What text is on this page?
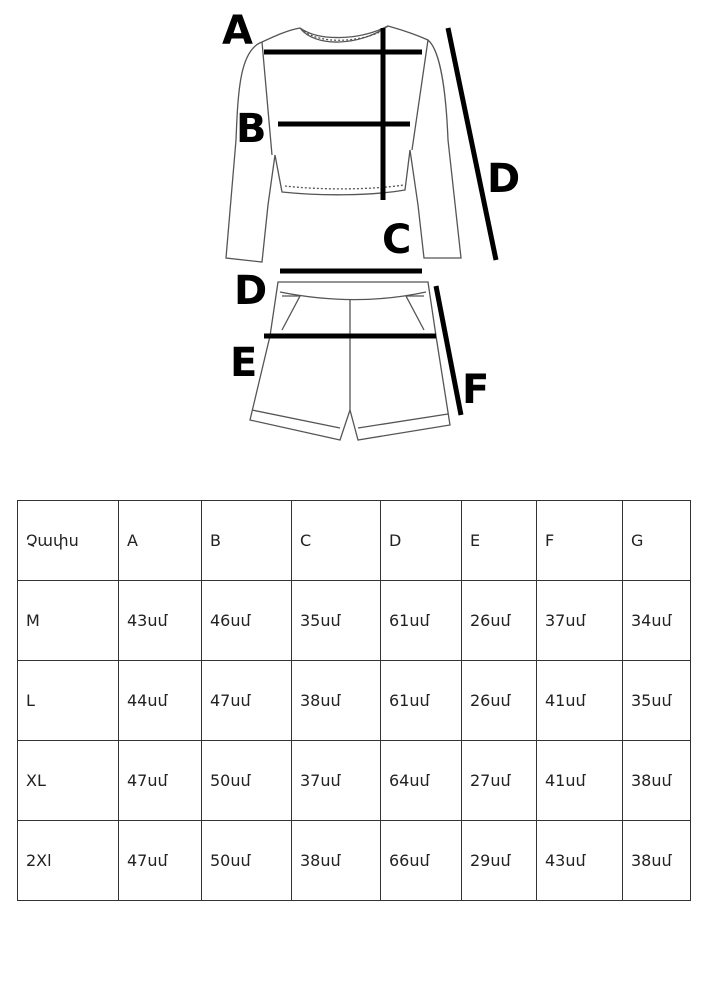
A
B
C
D
D
E
F
Չափս	A	B	C	D	E	F	G
M	43սմ	46սմ	35սմ	61սմ	26սմ	37սմ	34սմ
L	44սմ	47սմ	38սմ	61սմ	26սմ	41սմ	35սմ
XL	47սմ	50սմ	37սմ	64սմ	27սմ	41սմ	38սմ
2Xl	47սմ	50սմ	38սմ	66սմ	29սմ	43սմ	38սմ
